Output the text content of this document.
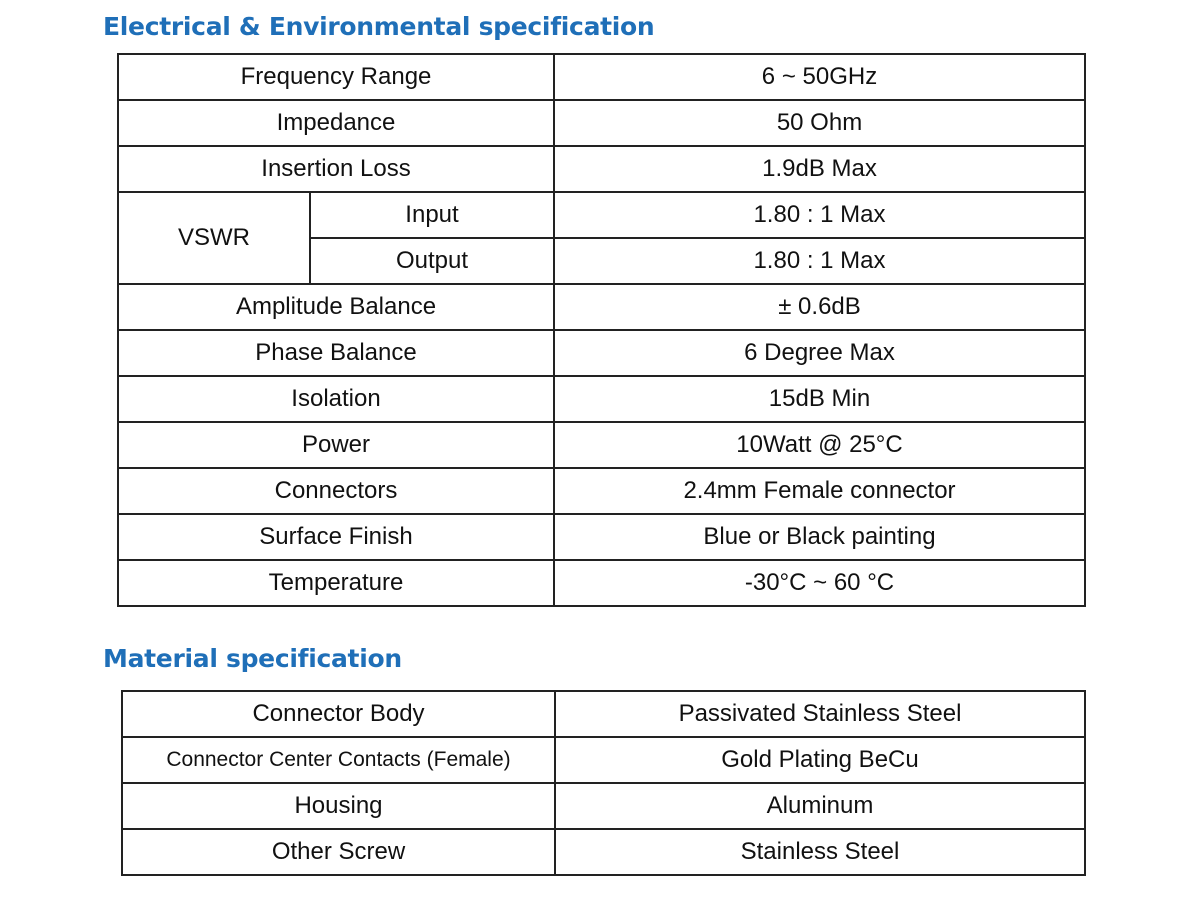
Electrical & Environmental specification
Frequency Range		6 ~ 50GHz
Impedance		50 Ohm
Insertion Loss		1.9dB Max
VSWR	Input	1.80 : 1 Max
	Output	1.80 : 1 Max
Amplitude Balance		± 0.6dB
Phase Balance		6 Degree Max
Isolation		15dB Min
Power		10Watt @ 25°C
Connectors		2.4mm Female connector
Surface Finish		Blue or Black painting
Temperature		-30°C ~ 60 °C
Material specification
Connector Body	Passivated Stainless Steel
Connector Center Contacts (Female)	Gold Plating BeCu
Housing	Aluminum
Other Screw	Stainless Steel
